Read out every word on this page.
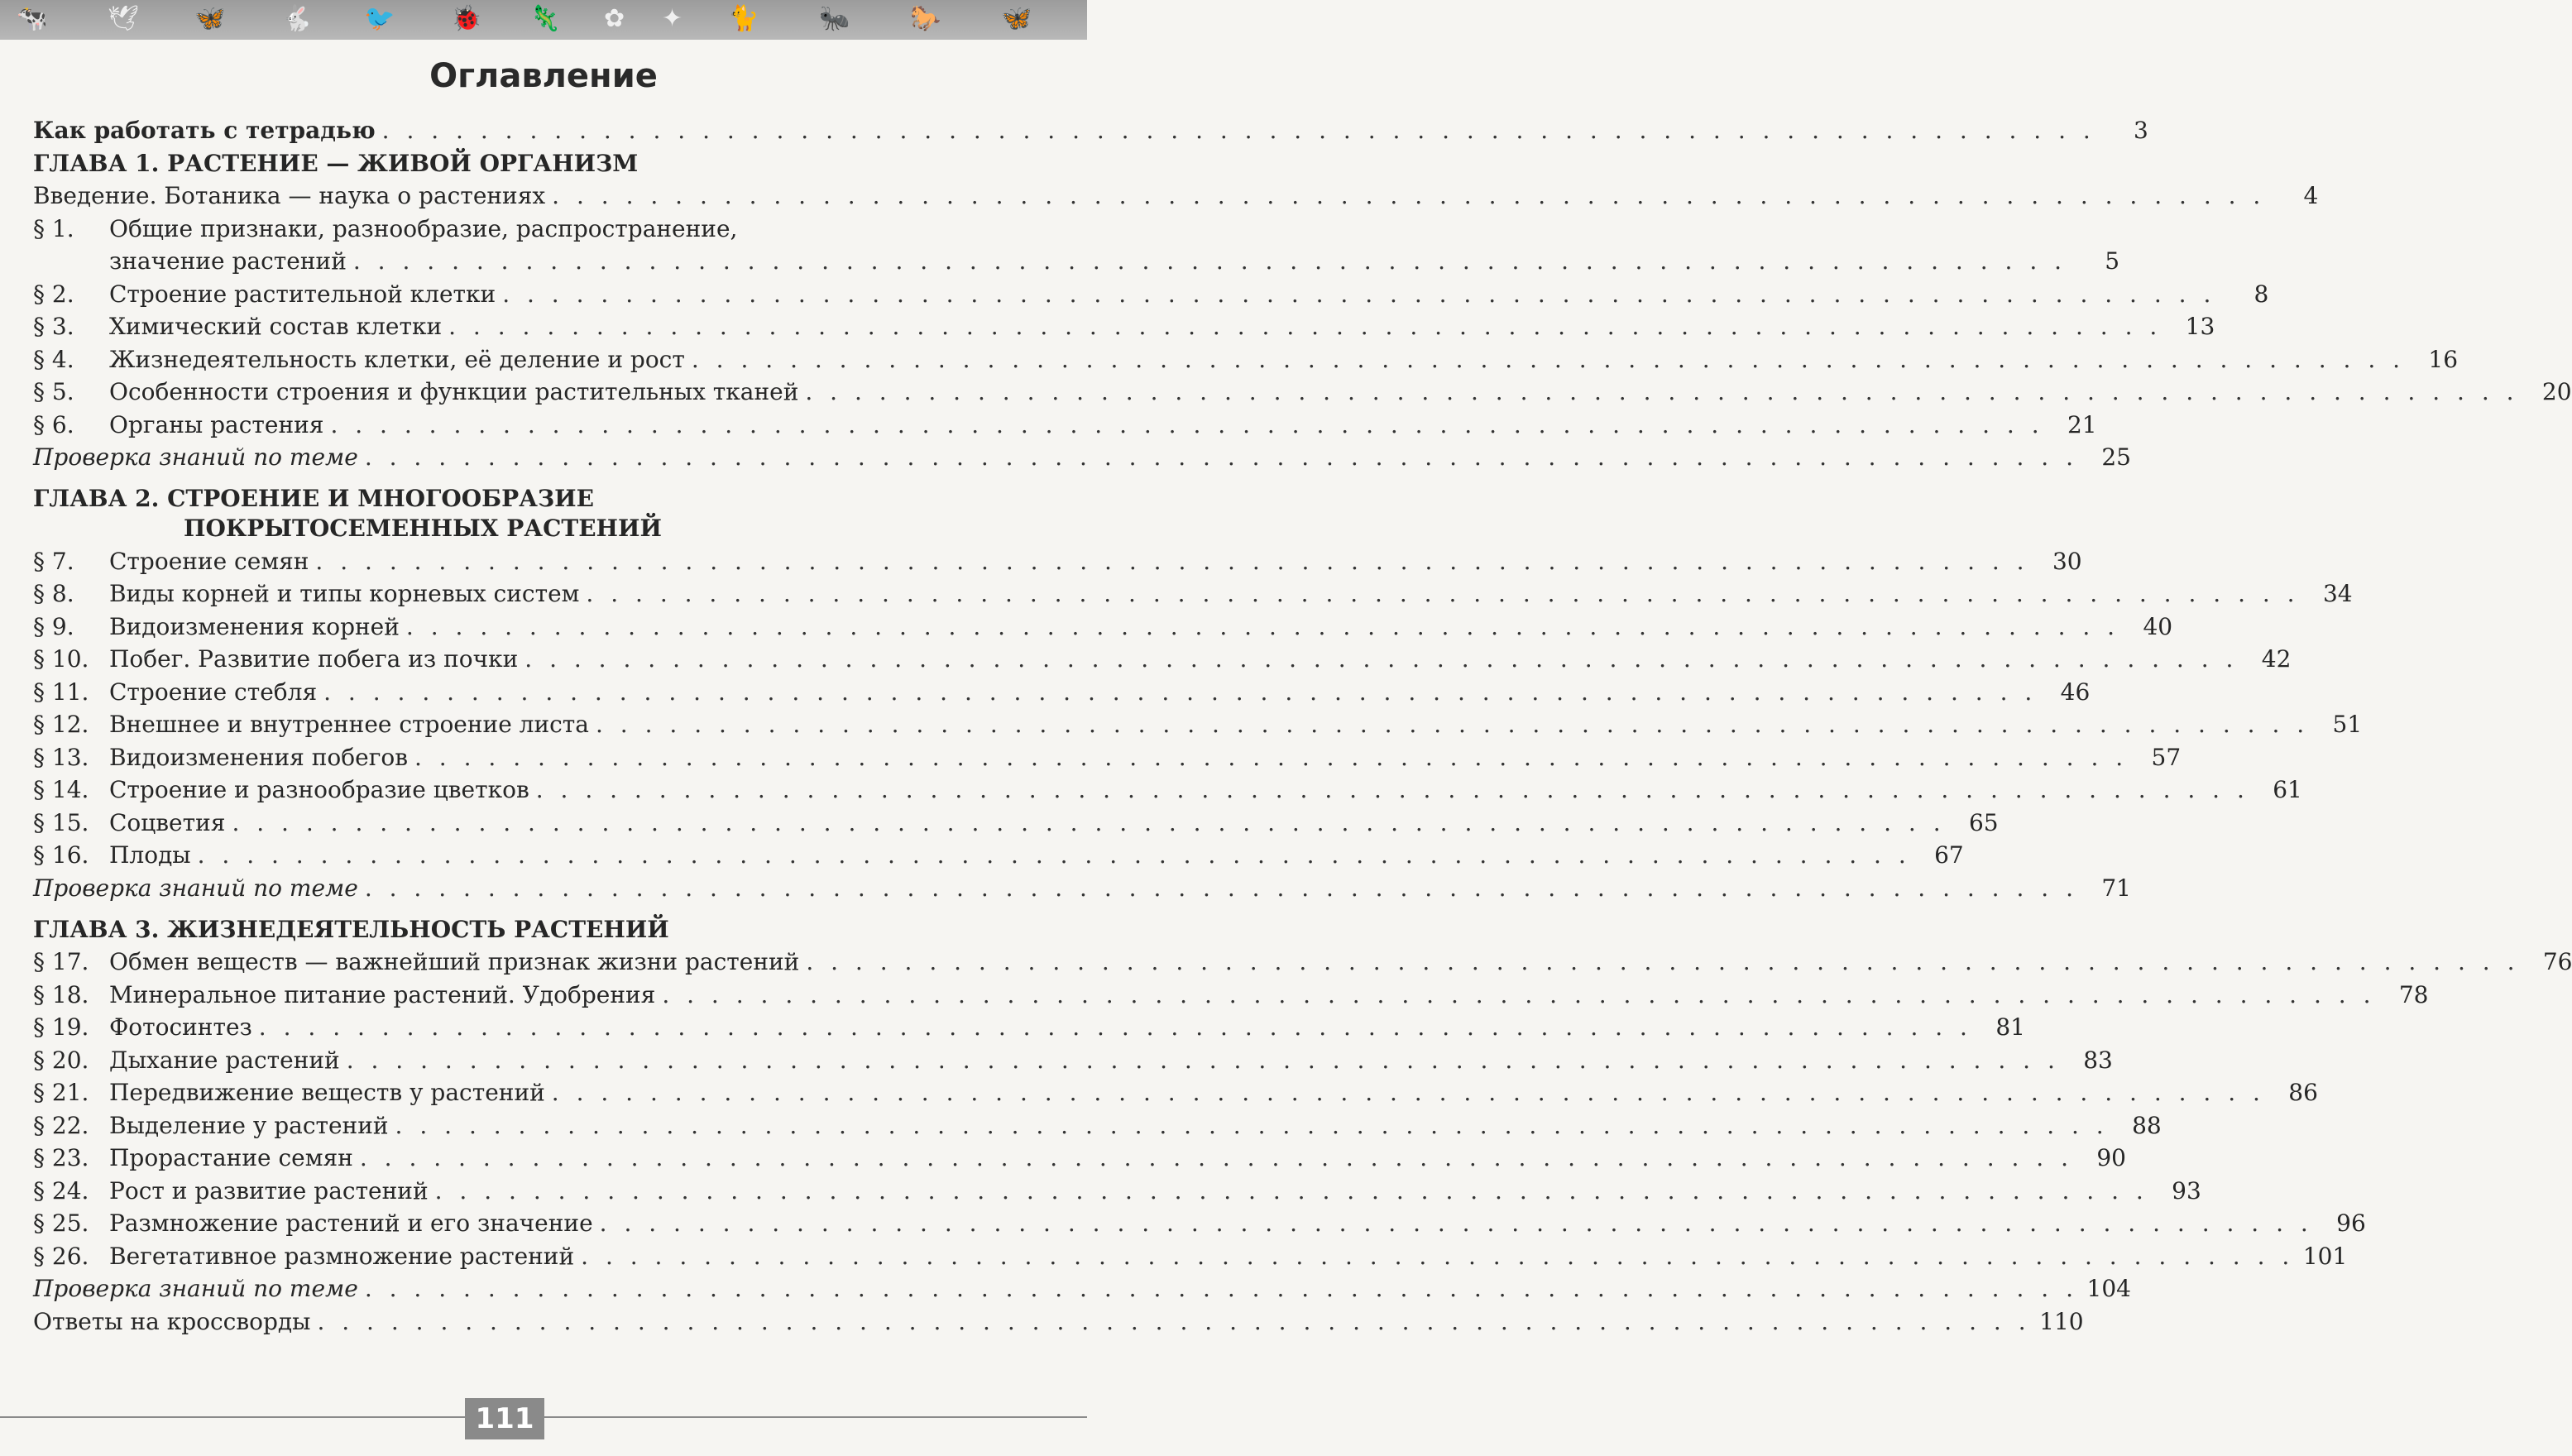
🐄 🕊 🦋 🐇 🐦 🐞 🦎 ✿ ✦ 🐈 🐜 🐎 🦋
Оглавление
Как работать с тетрадью . . . . . . . . . . . . . . . . . . . . . . . . . . . . . . . . . . . . . . . . . . . . . . . . . . . . . . . . . . . . . . . . . . . . . .	3
ГЛАВА 1. РАСТЕНИЕ — ЖИВОЙ ОРГАНИЗМ
Введение. Ботаника — наука о растениях . . . . . . . . . . . . . . . . . . . . . . . . . . . . . . . . . . . . . . . . . . . . . . . . . . . . . . . . . . . . . . . . . . . . . .	4
§ 1.	Общие признаки, разнообразие, распространение,
значение растений . . . . . . . . . . . . . . . . . . . . . . . . . . . . . . . . . . . . . . . . . . . . . . . . . . . . . . . . . . . . . . . . . . . . . .	5
§ 2.	Строение растительной клетки . . . . . . . . . . . . . . . . . . . . . . . . . . . . . . . . . . . . . . . . . . . . . . . . . . . . . . . . . . . . . . . . . . . . . .	8
§ 3.	Химический состав клетки . . . . . . . . . . . . . . . . . . . . . . . . . . . . . . . . . . . . . . . . . . . . . . . . . . . . . . . . . . . . . . . . . . . . . .	13
§ 4.	Жизнедеятельность клетки, её деление и рост . . . . . . . . . . . . . . . . . . . . . . . . . . . . . . . . . . . . . . . . . . . . . . . . . . . . . . . . . . . . . . . . . . . . . .	16
§ 5.	Особенности строения и функции растительных тканей . . . . . . . . . . . . . . . . . . . . . . . . . . . . . . . . . . . . . . . . . . . . . . . . . . . . . . . . . . . . . . . . . . . . . .	20
§ 6.	Органы растения . . . . . . . . . . . . . . . . . . . . . . . . . . . . . . . . . . . . . . . . . . . . . . . . . . . . . . . . . . . . . . . . . . . . . .	21
Проверка знаний по теме . . . . . . . . . . . . . . . . . . . . . . . . . . . . . . . . . . . . . . . . . . . . . . . . . . . . . . . . . . . . . . . . . . . . . .	25
ГЛАВА 2. СТРОЕНИЕ И МНОГООБРАЗИЕ
ПОКРЫТОСЕМЕННЫХ РАСТЕНИЙ
§ 7.	Строение семян . . . . . . . . . . . . . . . . . . . . . . . . . . . . . . . . . . . . . . . . . . . . . . . . . . . . . . . . . . . . . . . . . . . . . .	30
§ 8.	Виды корней и типы корневых систем . . . . . . . . . . . . . . . . . . . . . . . . . . . . . . . . . . . . . . . . . . . . . . . . . . . . . . . . . . . . . . . . . . . . . .	34
§ 9.	Видоизменения корней . . . . . . . . . . . . . . . . . . . . . . . . . . . . . . . . . . . . . . . . . . . . . . . . . . . . . . . . . . . . . . . . . . . . . .	40
§ 10. Побег. Развитие побега из почки . . . . . . . . . . . . . . . . . . . . . . . . . . . . . . . . . . . . . . . . . . . . . . . . . . . . . . . . . . . . . . . . . . . . . .	42
§ 11. Строение стебля . . . . . . . . . . . . . . . . . . . . . . . . . . . . . . . . . . . . . . . . . . . . . . . . . . . . . . . . . . . . . . . . . . . . . .	46
§ 12. Внешнее и внутреннее строение листа . . . . . . . . . . . . . . . . . . . . . . . . . . . . . . . . . . . . . . . . . . . . . . . . . . . . . . . . . . . . . . . . . . . . . .	51
§ 13. Видоизменения побегов . . . . . . . . . . . . . . . . . . . . . . . . . . . . . . . . . . . . . . . . . . . . . . . . . . . . . . . . . . . . . . . . . . . . . .	57
§ 14. Строение и разнообразие цветков . . . . . . . . . . . . . . . . . . . . . . . . . . . . . . . . . . . . . . . . . . . . . . . . . . . . . . . . . . . . . . . . . . . . . .	61
§ 15. Соцветия . . . . . . . . . . . . . . . . . . . . . . . . . . . . . . . . . . . . . . . . . . . . . . . . . . . . . . . . . . . . . . . . . . . . . .	65
§ 16. Плоды . . . . . . . . . . . . . . . . . . . . . . . . . . . . . . . . . . . . . . . . . . . . . . . . . . . . . . . . . . . . . . . . . . . . . .	67
Проверка знаний по теме . . . . . . . . . . . . . . . . . . . . . . . . . . . . . . . . . . . . . . . . . . . . . . . . . . . . . . . . . . . . . . . . . . . . . .	71
ГЛАВА 3. ЖИЗНЕДЕЯТЕЛЬНОСТЬ РАСТЕНИЙ
§ 17. Обмен веществ — важнейший признак жизни растений . . . . . . . . . . . . . . . . . . . . . . . . . . . . . . . . . . . . . . . . . . . . . . . . . . . . . . . . . . . . . . . . . . . . . .	76
§ 18. Минеральное питание растений. Удобрения . . . . . . . . . . . . . . . . . . . . . . . . . . . . . . . . . . . . . . . . . . . . . . . . . . . . . . . . . . . . . . . . . . . . . .	78
§ 19. Фотосинтез . . . . . . . . . . . . . . . . . . . . . . . . . . . . . . . . . . . . . . . . . . . . . . . . . . . . . . . . . . . . . . . . . . . . . .	81
§ 20. Дыхание растений . . . . . . . . . . . . . . . . . . . . . . . . . . . . . . . . . . . . . . . . . . . . . . . . . . . . . . . . . . . . . . . . . . . . . .	83
§ 21. Передвижение веществ у растений . . . . . . . . . . . . . . . . . . . . . . . . . . . . . . . . . . . . . . . . . . . . . . . . . . . . . . . . . . . . . . . . . . . . . .	86
§ 22. Выделение у растений . . . . . . . . . . . . . . . . . . . . . . . . . . . . . . . . . . . . . . . . . . . . . . . . . . . . . . . . . . . . . . . . . . . . . .	88
§ 23. Прорастание семян . . . . . . . . . . . . . . . . . . . . . . . . . . . . . . . . . . . . . . . . . . . . . . . . . . . . . . . . . . . . . . . . . . . . . .	90
§ 24. Рост и развитие растений . . . . . . . . . . . . . . . . . . . . . . . . . . . . . . . . . . . . . . . . . . . . . . . . . . . . . . . . . . . . . . . . . . . . . .	93
§ 25. Размножение растений и его значение . . . . . . . . . . . . . . . . . . . . . . . . . . . . . . . . . . . . . . . . . . . . . . . . . . . . . . . . . . . . . . . . . . . . . .	96
§ 26. Вегетативное размножение растений . . . . . . . . . . . . . . . . . . . . . . . . . . . . . . . . . . . . . . . . . . . . . . . . . . . . . . . . . . . . . . . . . . . . . . 101
Проверка знаний по теме . . . . . . . . . . . . . . . . . . . . . . . . . . . . . . . . . . . . . . . . . . . . . . . . . . . . . . . . . . . . . . . . . . . . . . 104
Ответы на кроссворды . . . . . . . . . . . . . . . . . . . . . . . . . . . . . . . . . . . . . . . . . . . . . . . . . . . . . . . . . . . . . . . . . . . . . . 110
111
